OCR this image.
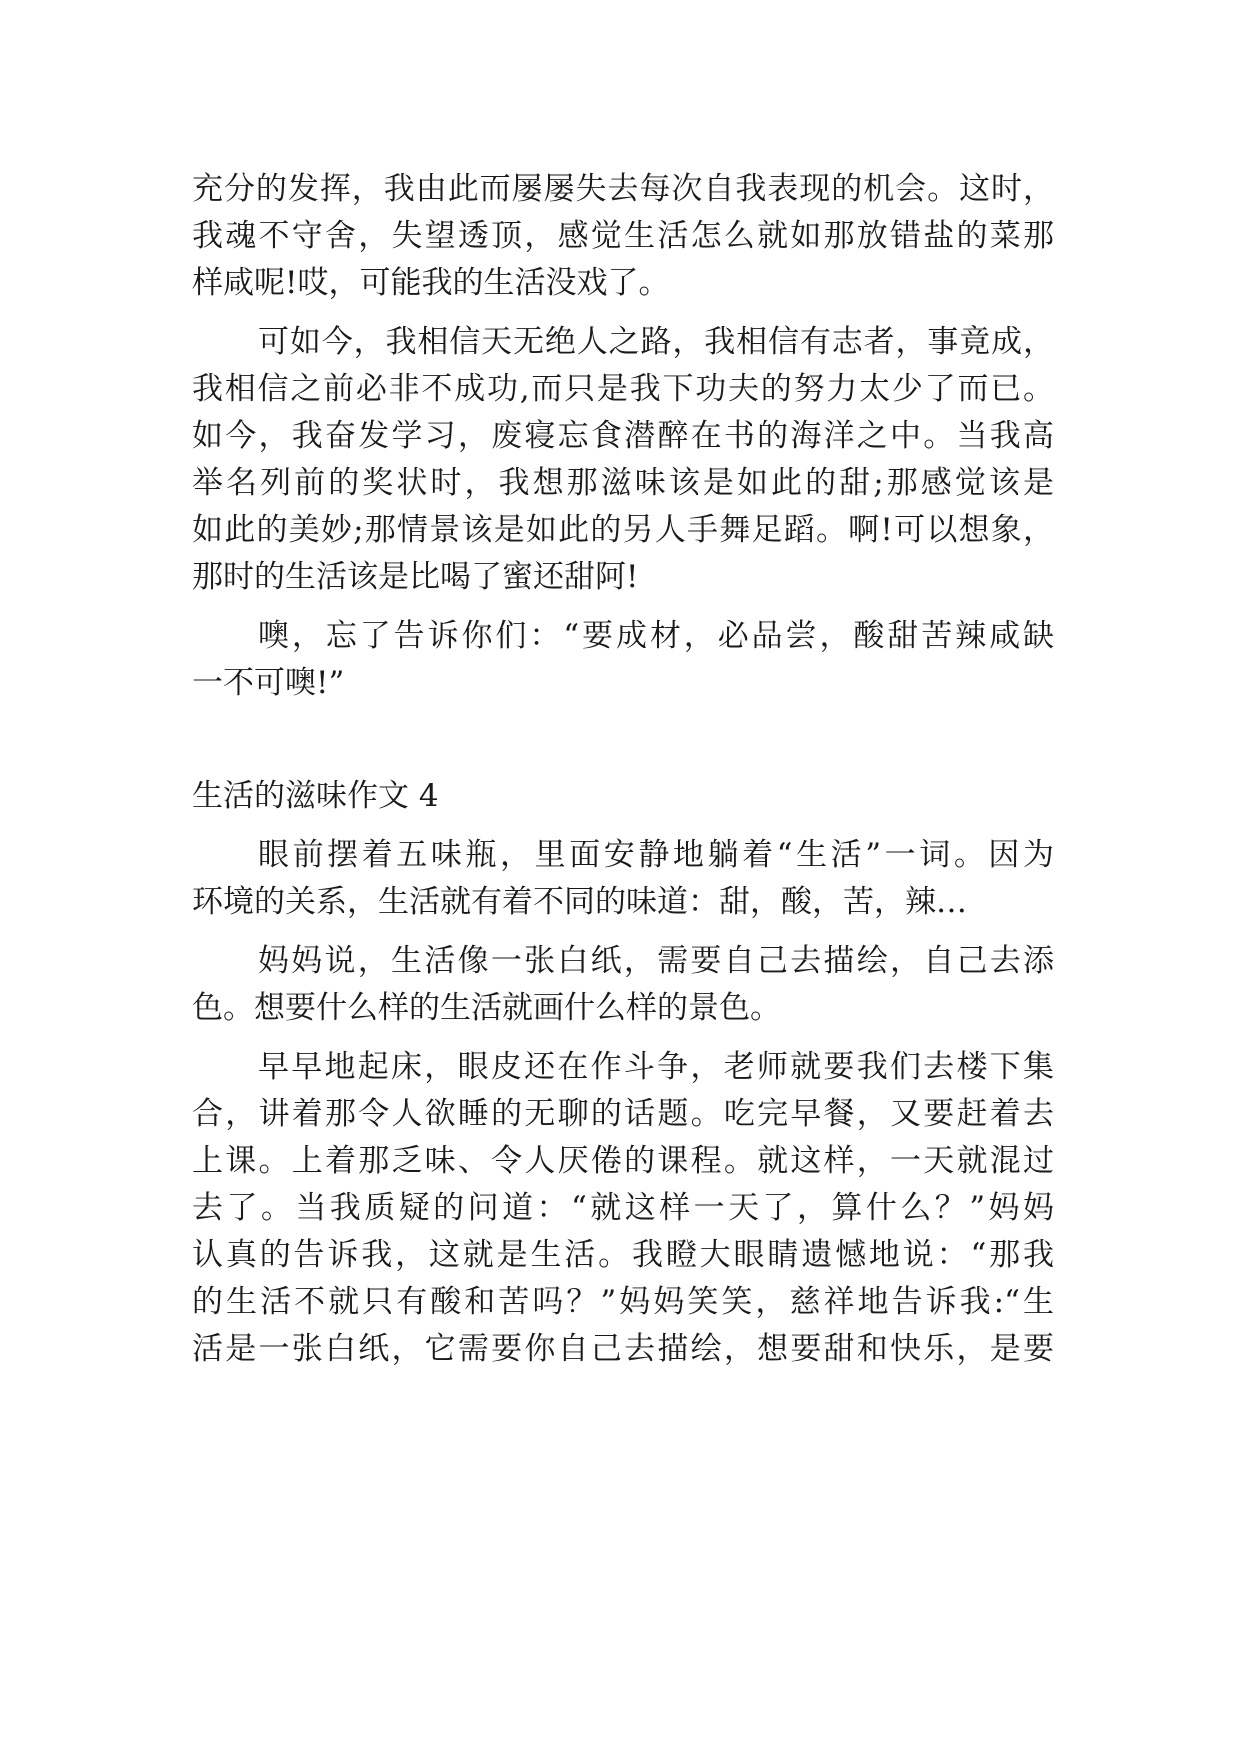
充分的发挥，我由此而屡屡失去每次自我表现的机会。这时，
我魂不守舍，失望透顶，感觉生活怎么就如那放错盐的菜那
样咸呢!哎，可能我的生活没戏了。
可如今，我相信天无绝人之路，我相信有志者，事竟成，
我相信之前必非不成功,而只是我下功夫的努力太少了而已。
如今，我奋发学习，废寝忘食潜醉在书的海洋之中。当我高
举名列前的奖状时，我想那滋味该是如此的甜;那感觉该是
如此的美妙;那情景该是如此的另人手舞足蹈。啊!可以想象，
那时的生活该是比喝了蜜还甜阿!
噢，忘了告诉你们：“要成材，必品尝，酸甜苦辣咸缺
一不可噢!”
生活的滋味作文 4
眼前摆着五味瓶，里面安静地躺着“生活”一词。因为
环境的关系，生活就有着不同的味道：甜，酸，苦，辣…
妈妈说，生活像一张白纸，需要自己去描绘，自己去添
色。想要什么样的生活就画什么样的景色。
早早地起床，眼皮还在作斗争，老师就要我们去楼下集
合，讲着那令人欲睡的无聊的话题。吃完早餐，又要赶着去
上课。上着那乏味、令人厌倦的课程。就这样，一天就混过
去了。当我质疑的问道：“就这样一天了，算什么？”妈妈
认真的告诉我，这就是生活。我瞪大眼睛遗憾地说：“那我
的生活不就只有酸和苦吗？”妈妈笑笑，慈祥地告诉我:“生
活是一张白纸，它需要你自己去描绘，想要甜和快乐，是要
